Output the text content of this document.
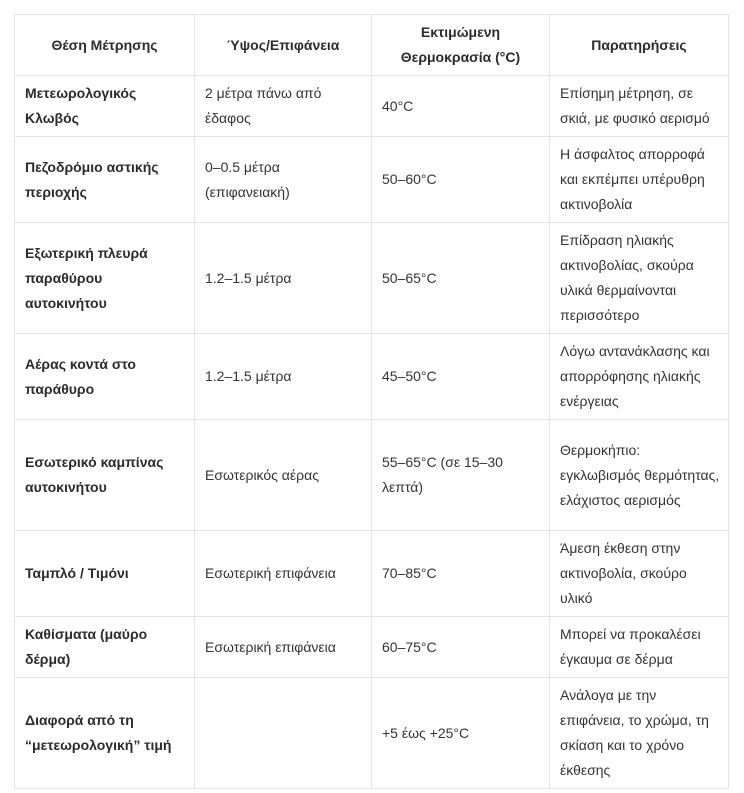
Θέση Μέτρησης	Ύψος/Επιφάνεια	Εκτιμώμενη Θερμοκρασία (°C)	Παρατηρήσεις
Μετεωρολογικός Κλωβός	2 μέτρα πάνω από έδαφος	40°C	Επίσημη μέτρηση, σε σκιά, με φυσικό αερισμό
Πεζοδρόμιο αστικής περιοχής	0–0.5 μέτρα (επιφανειακή)	50–60°C	Η άσφαλτος απορροφά και εκπέμπει υπέρυθρη ακτινοβολία
Εξωτερική πλευρά παραθύρου αυτοκινήτου	1.2–1.5 μέτρα	50–65°C	Επίδραση ηλιακής ακτινοβολίας, σκούρα υλικά θερμαίνονται περισσότερο
Αέρας κοντά στο παράθυρο	1.2–1.5 μέτρα	45–50°C	Λόγω αντανάκλασης και απορρόφησης ηλιακής ενέργειας
Εσωτερικό καμπίνας αυτοκινήτου	Εσωτερικός αέρας	55–65°C (σε 15–30 λεπτά)	Θερμοκήπιο: εγκλωβισμός θερμότητας, ελάχιστος αερισμός
Ταμπλό / Τιμόνι	Εσωτερική επιφάνεια	70–85°C	Άμεση έκθεση στην ακτινοβολία, σκούρο υλικό
Καθίσματα (μαύρο δέρμα)	Εσωτερική επιφάνεια	60–75°C	Μπορεί να προκαλέσει έγκαυμα σε δέρμα
Διαφορά από τη “μετεωρολογική” τιμή		+5 έως +25°C	Ανάλογα με την επιφάνεια, το χρώμα, τη σκίαση και το χρόνο έκθεσης
